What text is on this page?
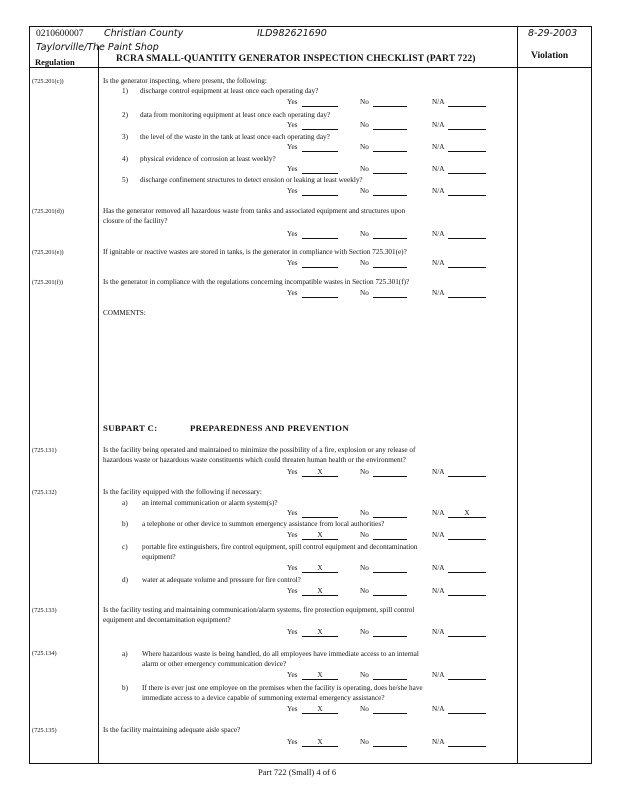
0210600007 Christian County	ILD982621690	8-29-2003
Taylorville/The Paint Shop
RCRA SMALL-QUANTITY GENERATOR INSPECTION CHECKLIST (PART 722)
Regulation
Violation
(725.201(c))	Is the generator inspecting, where present, the following:
1) discharge control equipment at least once each operating day?
Yes	No	N/A
2) data from monitoring equipment at least once each operating day?
Yes	No	N/A
3) the level of the waste in the tank at least once each operating day?
Yes	No	N/A
4) physical evidence of corrosion at least weekly?
Yes	No	N/A
5) discharge confinement structures to detect erosion or leaking at least weekly?
Yes	No	N/A
(725.201(d))	Has the generator removed all hazardous waste from tanks and associated equipment and structures upon
closure of the facility?
Yes	No	N/A
(725.201(e))	If ignitable or reactive wastes are stored in tanks, is the generator in compliance with Section 725.301(e)?
Yes	No	N/A
(725.201(f))	Is the generator in compliance with the regulations concerning incompatible wastes in Section 725.301(f)?
Yes	No	N/A
COMMENTS:
SUBPART C:	PREPAREDNESS AND PREVENTION
(725.131)	Is the facility being operated and maintained to minimize the possibility of a fire, explosion or any release of
hazardous waste or hazardous waste constituents which could threaten human health or the environment?
Yes	X	No	N/A
(725.132)	Is the facility equipped with the following if necessary:
a) an internal communication or alarm system(s)?
Yes	No	N/A	X
b) a telephone or other device to summon emergency assistance from local authorities?
Yes	X	No	N/A
c) portable fire extinguishers, fire control equipment, spill control equipment and decontamination
equipment?
Yes	X	No	N/A
d) water at adequate volume and pressure for fire control?
Yes	X	No	N/A
(725.133)	Is the facility testing and maintaining communication/alarm systems, fire protection equipment, spill control
equipment and decontamination equipment?
Yes	X	No	N/A
(725.134)	a) Where hazardous waste is being handled, do all employees have immediate access to an internal
alarm or other emergency communication device?
Yes	X	No	N/A
b) If there is ever just one employee on the premises when the facility is operating, does he/she have
immediate access to a device capable of summoning external emergency assistance?
Yes	X	No	N/A
(725.135)	Is the facility maintaining adequate aisle space?
Yes	X	No	N/A
Part 722 (Small) 4 of 6
